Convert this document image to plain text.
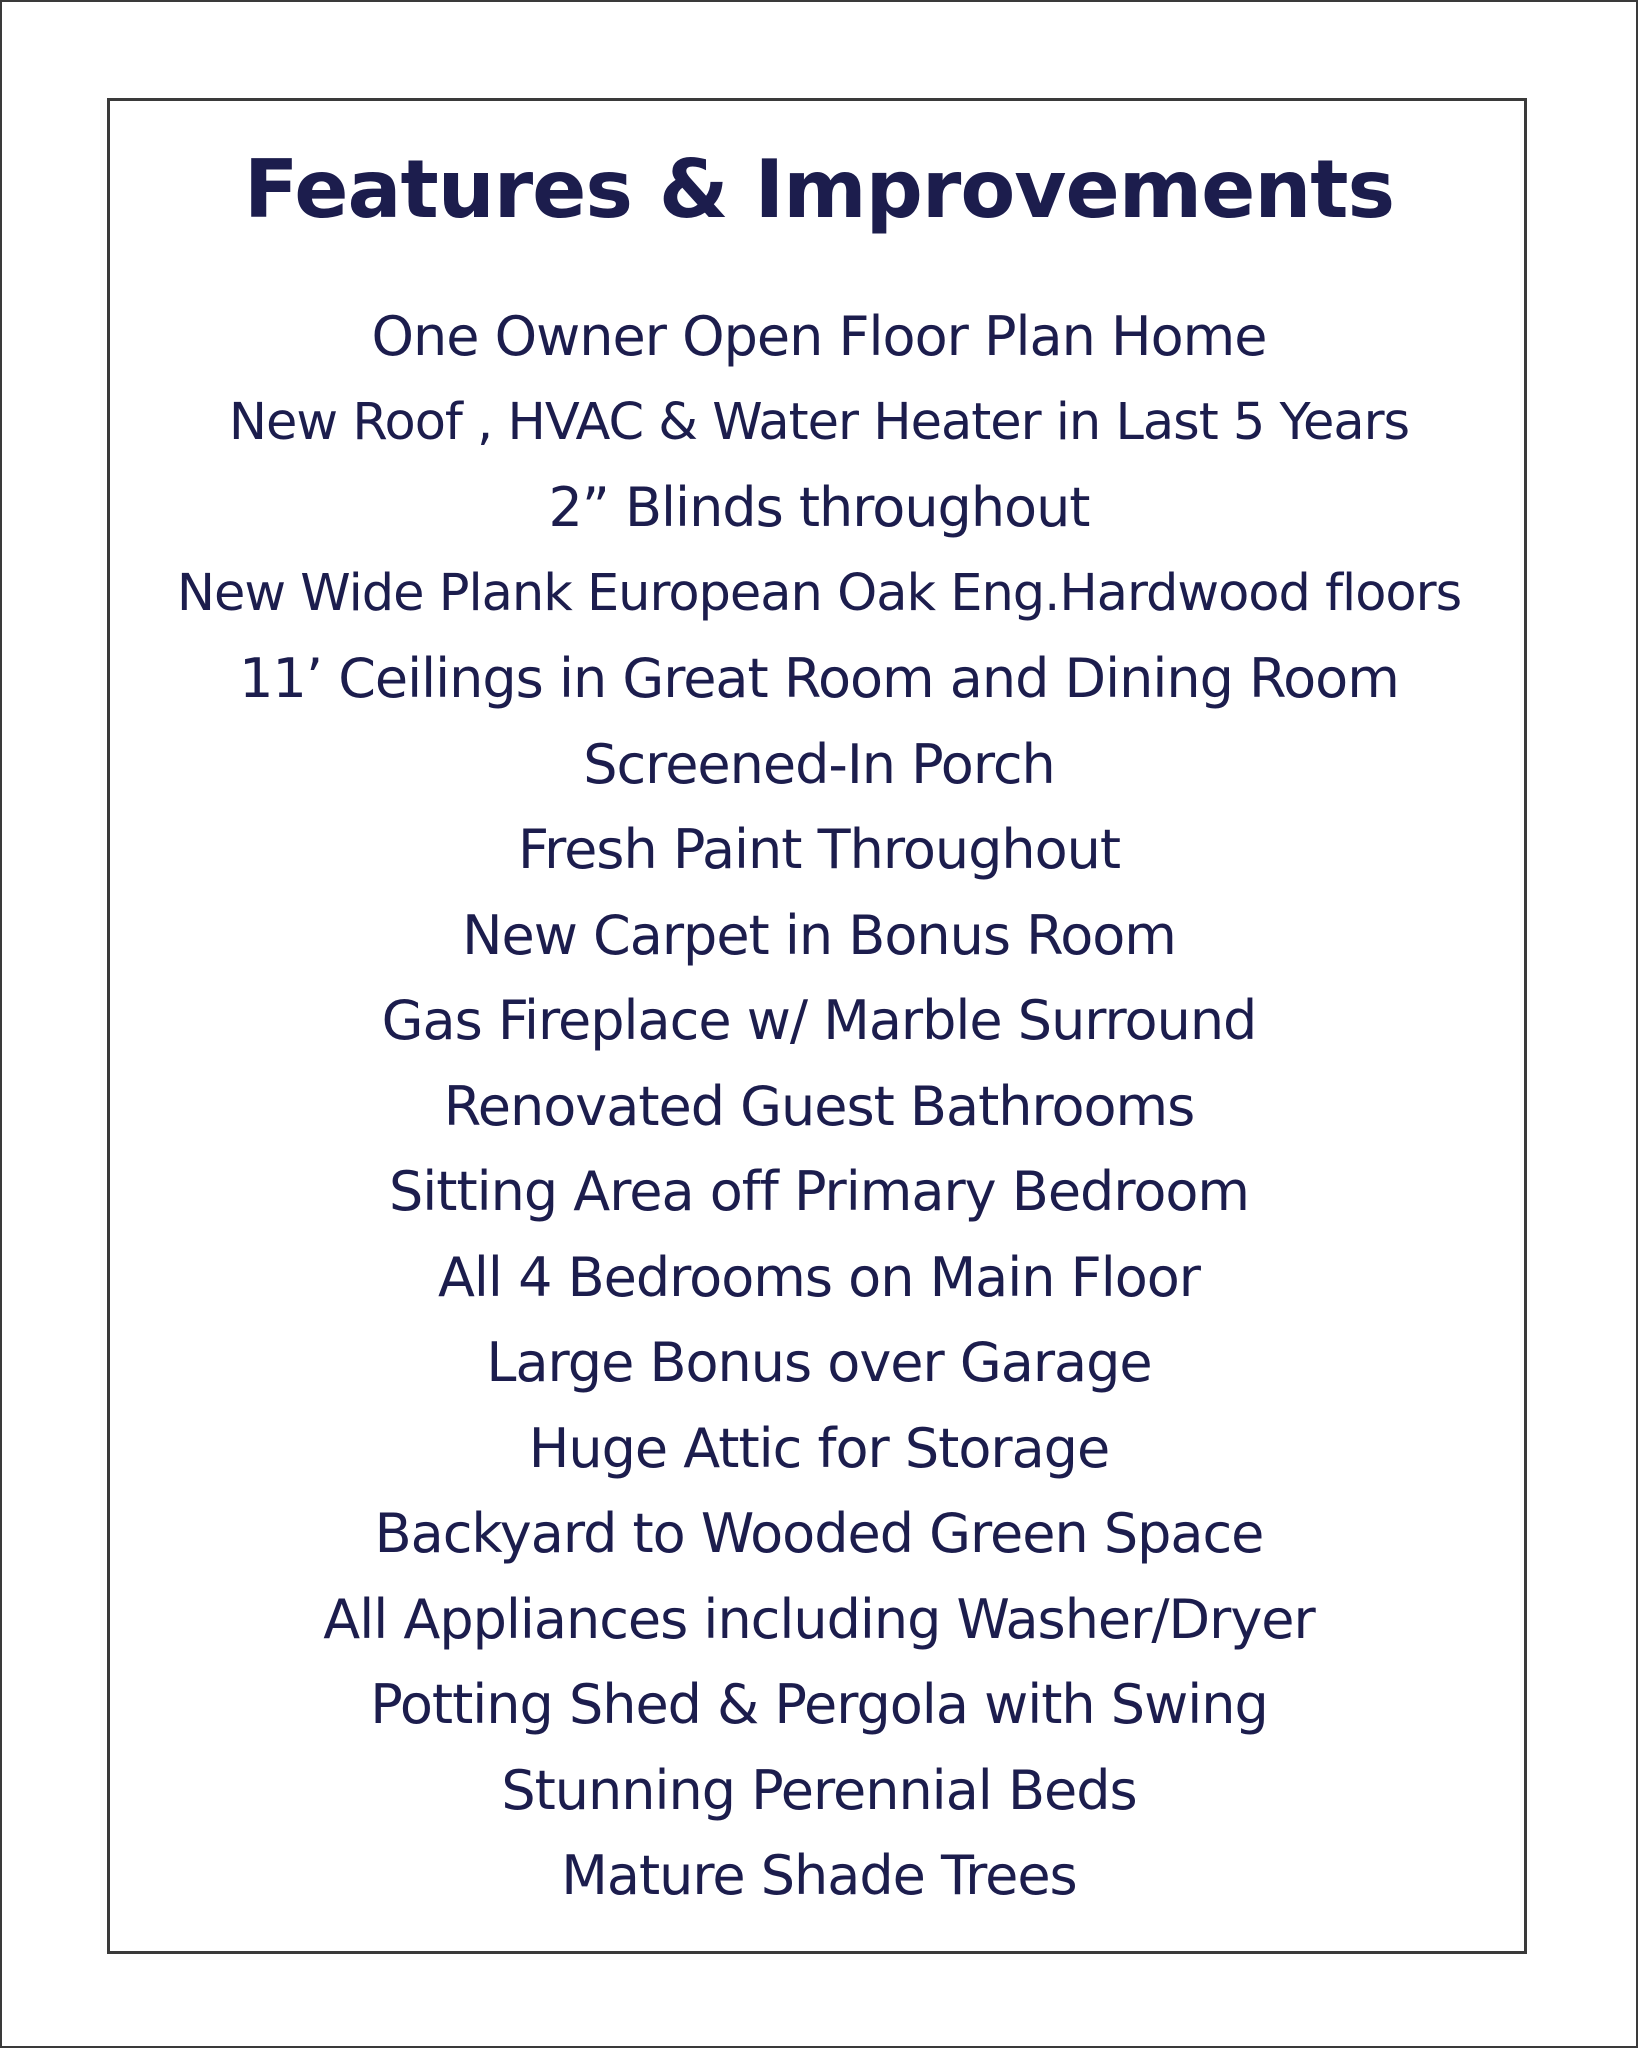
Features & Improvements
One Owner Open Floor Plan Home
New Roof , HVAC & Water Heater in Last 5 Years
2” Blinds throughout
New Wide Plank European Oak Eng.Hardwood floors
11’ Ceilings in Great Room and Dining Room
Screened-In Porch
Fresh Paint Throughout
New Carpet in Bonus Room
Gas Fireplace w/ Marble Surround
Renovated Guest Bathrooms
Sitting Area off Primary Bedroom
All 4 Bedrooms on Main Floor
Large Bonus over Garage
Huge Attic for Storage
Backyard to Wooded Green Space
All Appliances including Washer/Dryer
Potting Shed & Pergola with Swing
Stunning Perennial Beds
Mature Shade Trees
